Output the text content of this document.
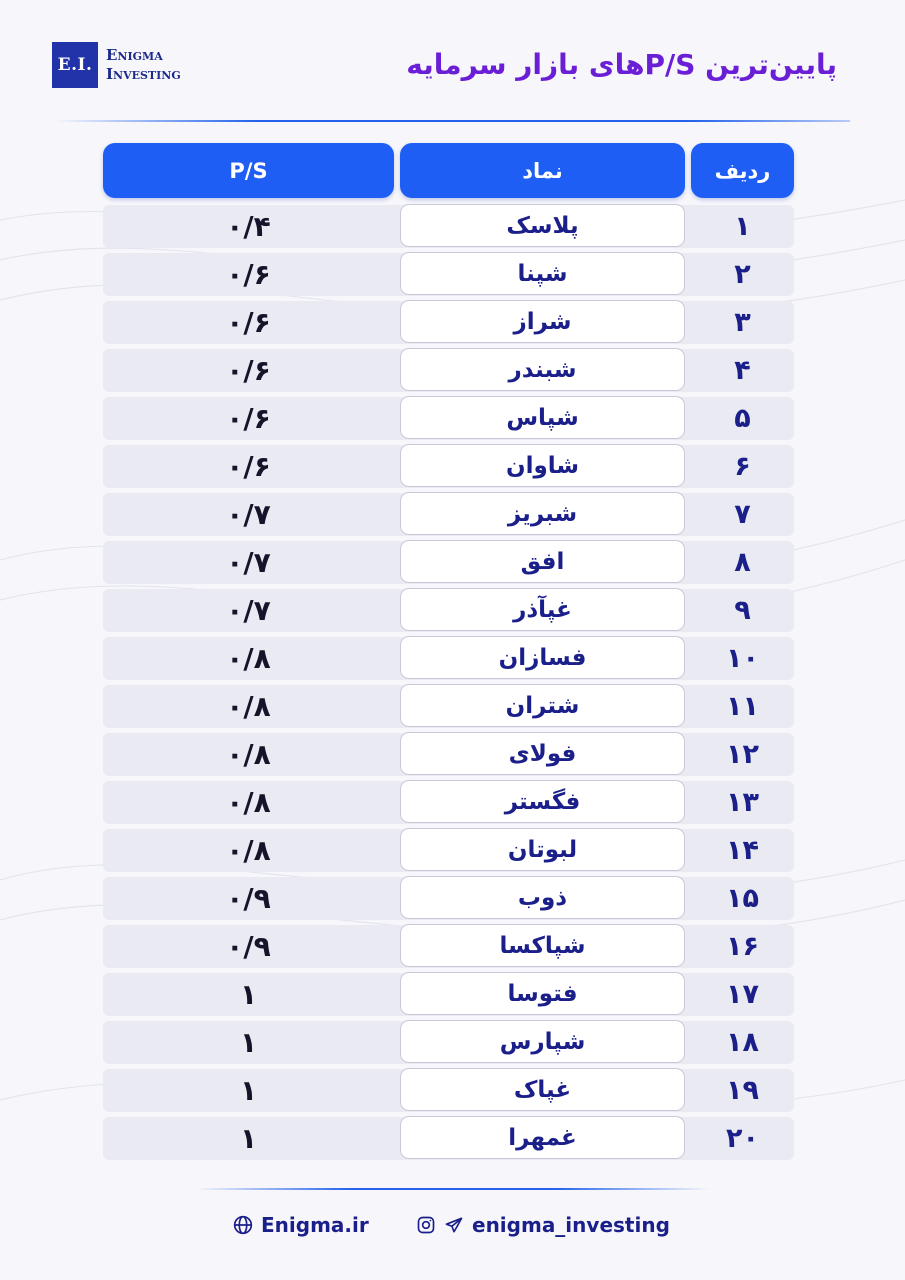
E.I. Enigma
Investing	پایین‌ترین P/Sهای بازار سرمایه
P/S	نماد	ردیف
۰/۴	پلاسک	۱
۰/۶	شپنا	۲
۰/۶	شراز	۳
۰/۶	شبندر	۴
۰/۶	شپاس	۵
۰/۶	شاوان	۶
۰/۷	شبریز	۷
۰/۷	افق	۸
۰/۷	غپآذر	۹
۰/۸	فسازان	۱۰
۰/۸	شتران	۱۱
۰/۸	فولای	۱۲
۰/۸	فگستر	۱۳
۰/۸	لبوتان	۱۴
۰/۹	ذوب	۱۵
۰/۹	شپاکسا	۱۶
۱	فتوسا	۱۷
۱	شپارس	۱۸
۱	غپاک	۱۹
۱	غمهرا	۲۰
Enigma.ir	enigma_investing
